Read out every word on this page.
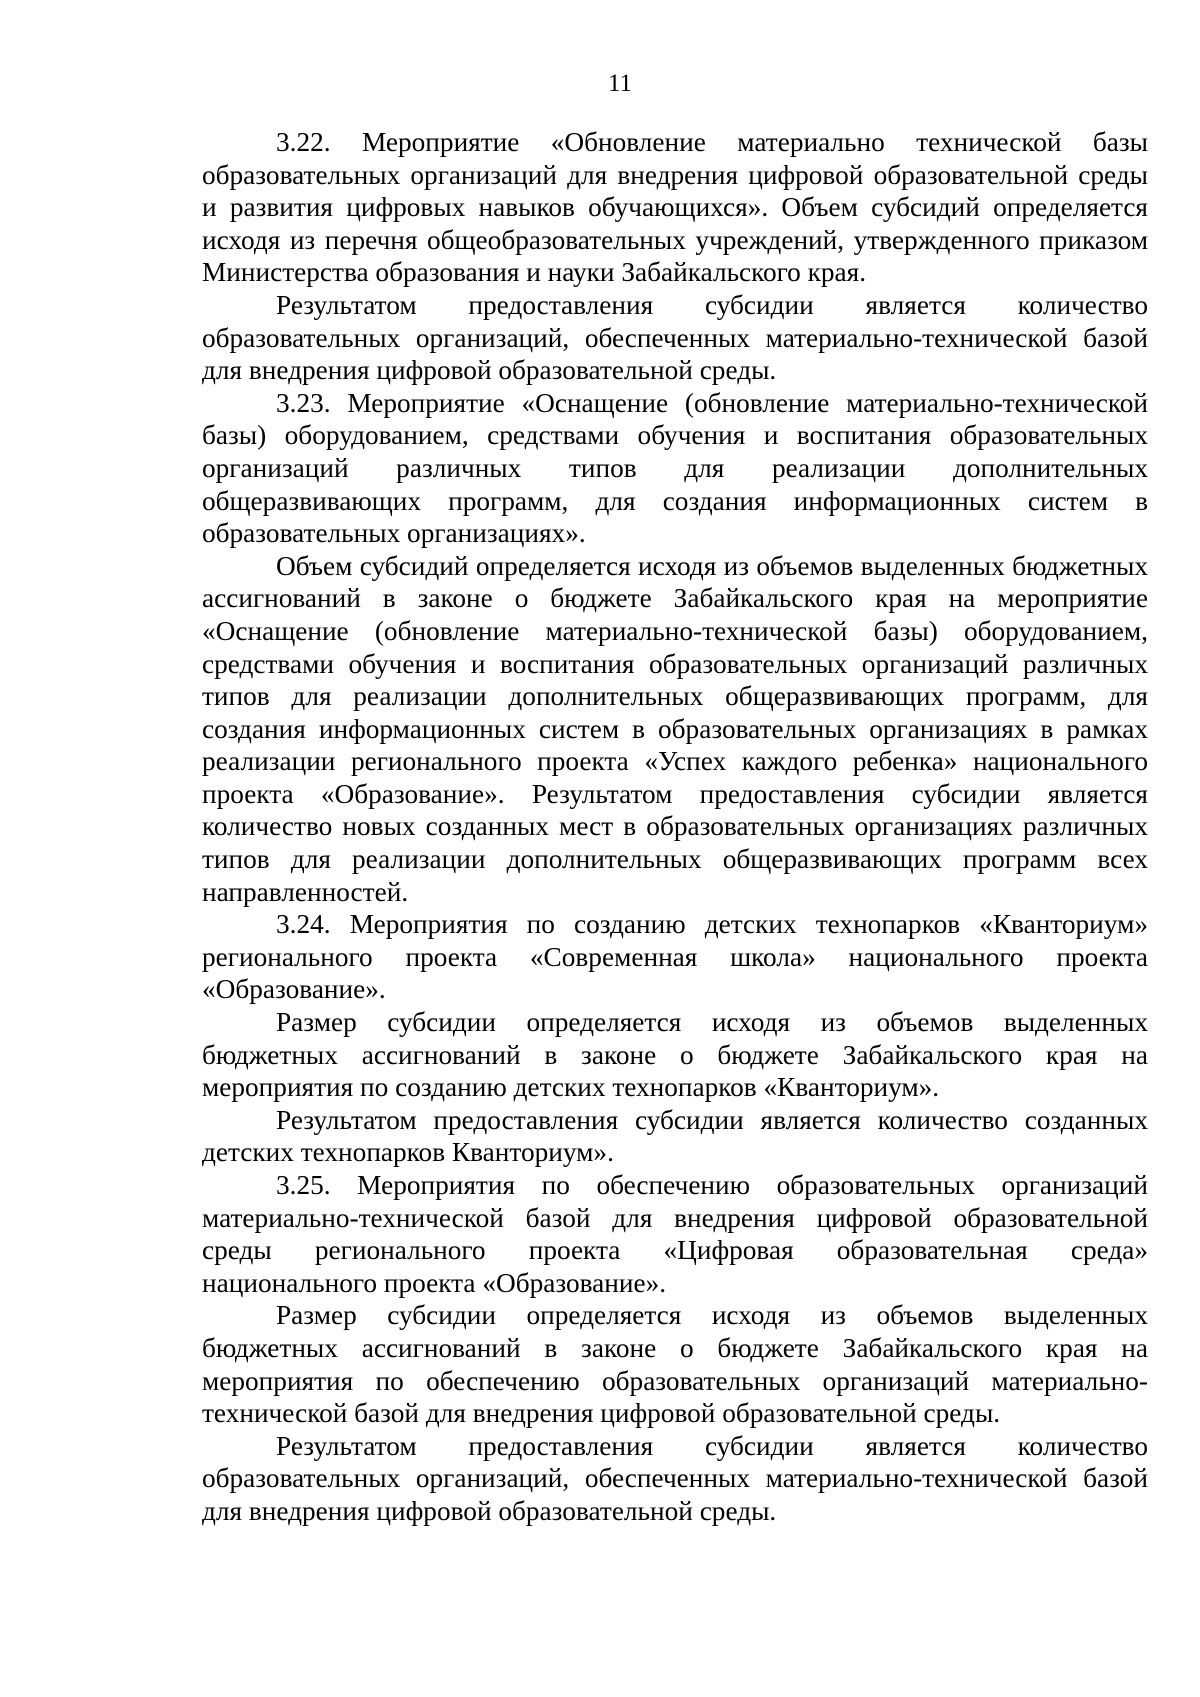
11

3.22. Мероприятие «Обновление материально технической базы образовательных организаций для внедрения цифровой образовательной среды и развития цифровых навыков обучающихся». Объем субсидий определяется исходя из перечня общеобразовательных учреждений, утвержденного приказом Министерства образования и науки Забайкальского края.

Результатом предоставления субсидии является количество образовательных организаций, обеспеченных материально-технической базой для внедрения цифровой образовательной среды.

3.23. Мероприятие «Оснащение (обновление материально-технической базы) оборудованием, средствами обучения и воспитания образовательных организаций различных типов для реализации дополнительных общеразвивающих программ, для создания информационных систем в образовательных организациях».

Объем субсидий определяется исходя из объемов выделенных бюджетных ассигнований в законе о бюджете Забайкальского края на мероприятие «Оснащение (обновление материально-технической базы) оборудованием, средствами обучения и воспитания образовательных организаций различных типов для реализации дополнительных общеразвивающих программ, для создания информационных систем в образовательных организациях в рамках реализации регионального проекта «Успех каждого ребенка» национального проекта «Образование». Результатом предоставления субсидии является количество новых созданных мест в образовательных организациях различных типов для реализации дополнительных общеразвивающих программ всех направленностей.

3.24. Мероприятия по созданию детских технопарков «Кванториум» регионального проекта «Современная школа» национального проекта «Образование».

Размер субсидии определяется исходя из объемов выделенных бюджетных ассигнований в законе о бюджете Забайкальского края на мероприятия по созданию детских технопарков «Кванториум».

Результатом предоставления субсидии является количество созданных детских технопарков Кванториум».

3.25. Мероприятия по обеспечению образовательных организаций материально-технической базой для внедрения цифровой образовательной среды регионального проекта «Цифровая образовательная среда» национального проекта «Образование».

Размер субсидии определяется исходя из объемов выделенных бюджетных ассигнований в законе о бюджете Забайкальского края на мероприятия по обеспечению образовательных организаций материально-технической базой для внедрения цифровой образовательной среды.

Результатом предоставления субсидии является количество образовательных организаций, обеспеченных материально-технической базой для внедрения цифровой образовательной среды.
